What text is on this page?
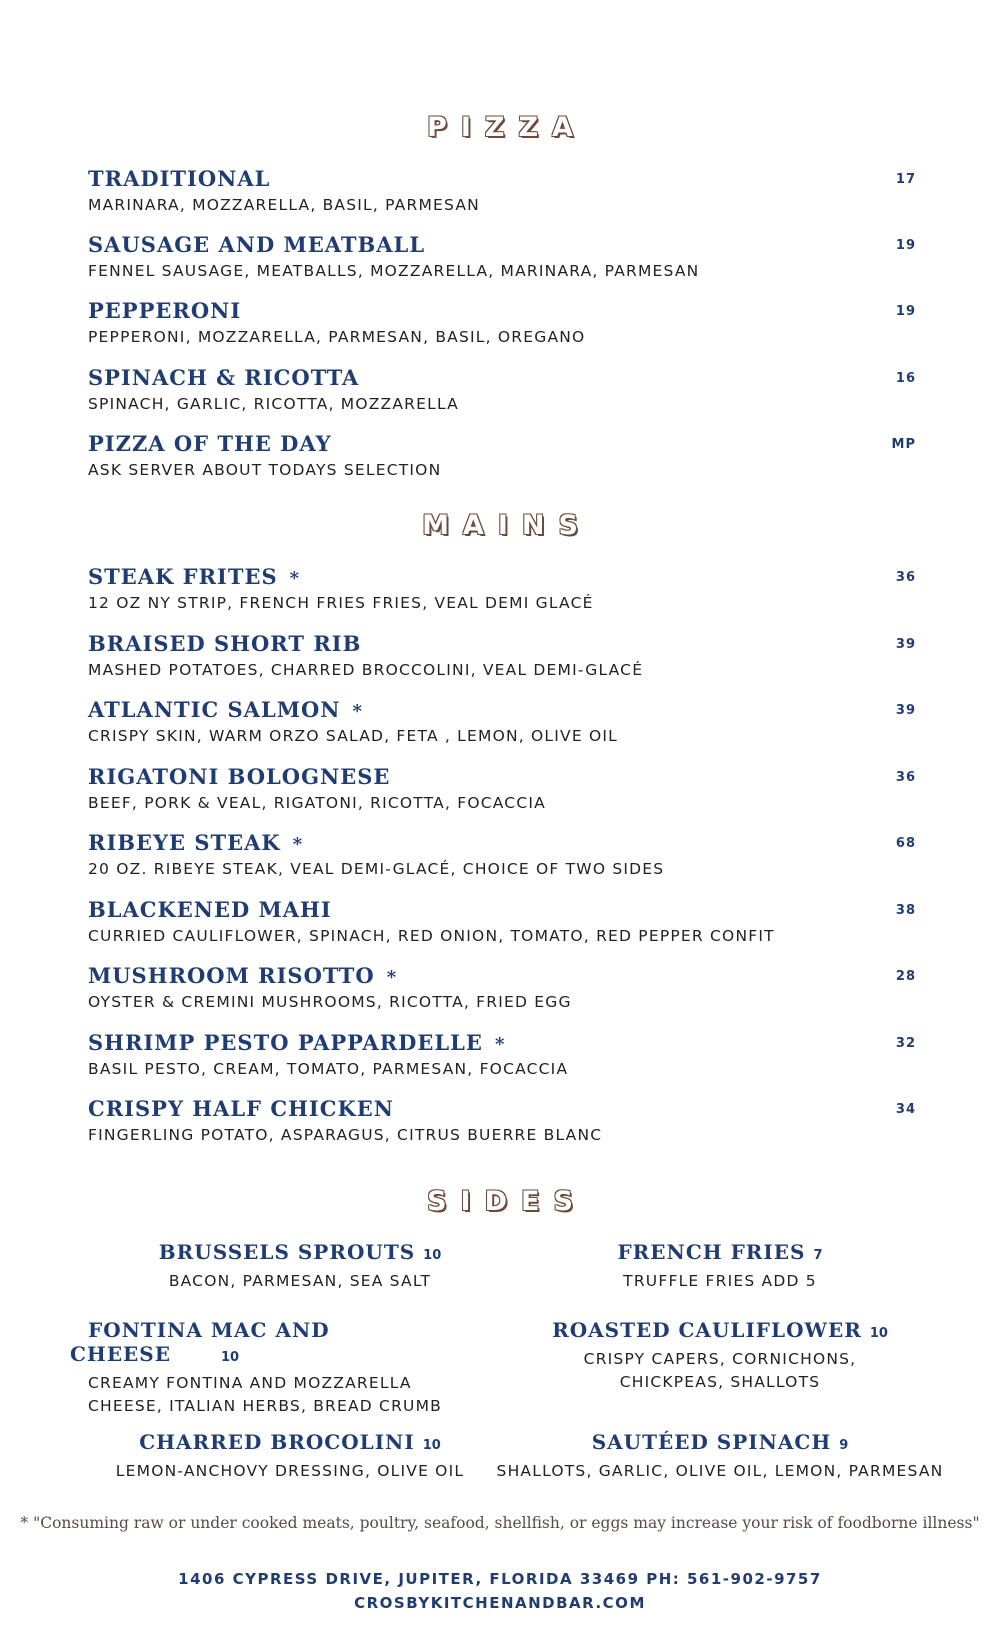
PIZZA
TRADITIONAL	17
MARINARA, MOZZARELLA, BASIL, PARMESAN
SAUSAGE AND MEATBALL	19
FENNEL SAUSAGE, MEATBALLS, MOZZARELLA, MARINARA, PARMESAN
PEPPERONI	19
PEPPERONI, MOZZARELLA, PARMESAN, BASIL, OREGANO
SPINACH & RICOTTA	16
SPINACH, GARLIC, RICOTTA, MOZZARELLA
PIZZA OF THE DAY	MP
ASK SERVER ABOUT TODAYS SELECTION
MAINS
STEAK FRITES *	36
12 OZ NY STRIP, FRENCH FRIES FRIES, VEAL DEMI GLACÉ
BRAISED SHORT RIB	39
MASHED POTATOES, CHARRED BROCCOLINI, VEAL DEMI-GLACÉ
ATLANTIC SALMON *	39
CRISPY SKIN, WARM ORZO SALAD, FETA , LEMON, OLIVE OIL
RIGATONI BOLOGNESE	36
BEEF, PORK & VEAL, RIGATONI, RICOTTA, FOCACCIA
RIBEYE STEAK *	68
20 OZ. RIBEYE STEAK, VEAL DEMI-GLACÉ, CHOICE OF TWO SIDES
BLACKENED MAHI	38
CURRIED CAULIFLOWER, SPINACH, RED ONION, TOMATO, RED PEPPER CONFIT
MUSHROOM RISOTTO *	28
OYSTER & CREMINI MUSHROOMS, RICOTTA, FRIED EGG
SHRIMP PESTO PAPPARDELLE *	32
BASIL PESTO, CREAM, TOMATO, PARMESAN, FOCACCIA
CRISPY HALF CHICKEN	34
FINGERLING POTATO, ASPARAGUS, CITRUS BUERRE BLANC
SIDES
BRUSSELS SPROUTS 10
BACON, PARMESAN, SEA SALT
FRENCH FRIES 7
TRUFFLE FRIES ADD 5
FONTINA MAC AND CHEESE	10
CREAMY FONTINA AND MOZZARELLA
CHEESE, ITALIAN HERBS, BREAD CRUMB
ROASTED CAULIFLOWER 10
CRISPY CAPERS, CORNICHONS,
CHICKPEAS, SHALLOTS
CHARRED BROCOLINI 10
LEMON-ANCHOVY DRESSING, OLIVE OIL
SAUTÉED SPINACH 9
SHALLOTS, GARLIC, OLIVE OIL, LEMON, PARMESAN
* "Consuming raw or under cooked meats, poultry, seafood, shellfish, or eggs may increase your risk of foodborne illness"
1406 CYPRESS DRIVE, JUPITER, FLORIDA 33469 PH: 561-902-9757
CROSBYKITCHENANDBAR.COM
